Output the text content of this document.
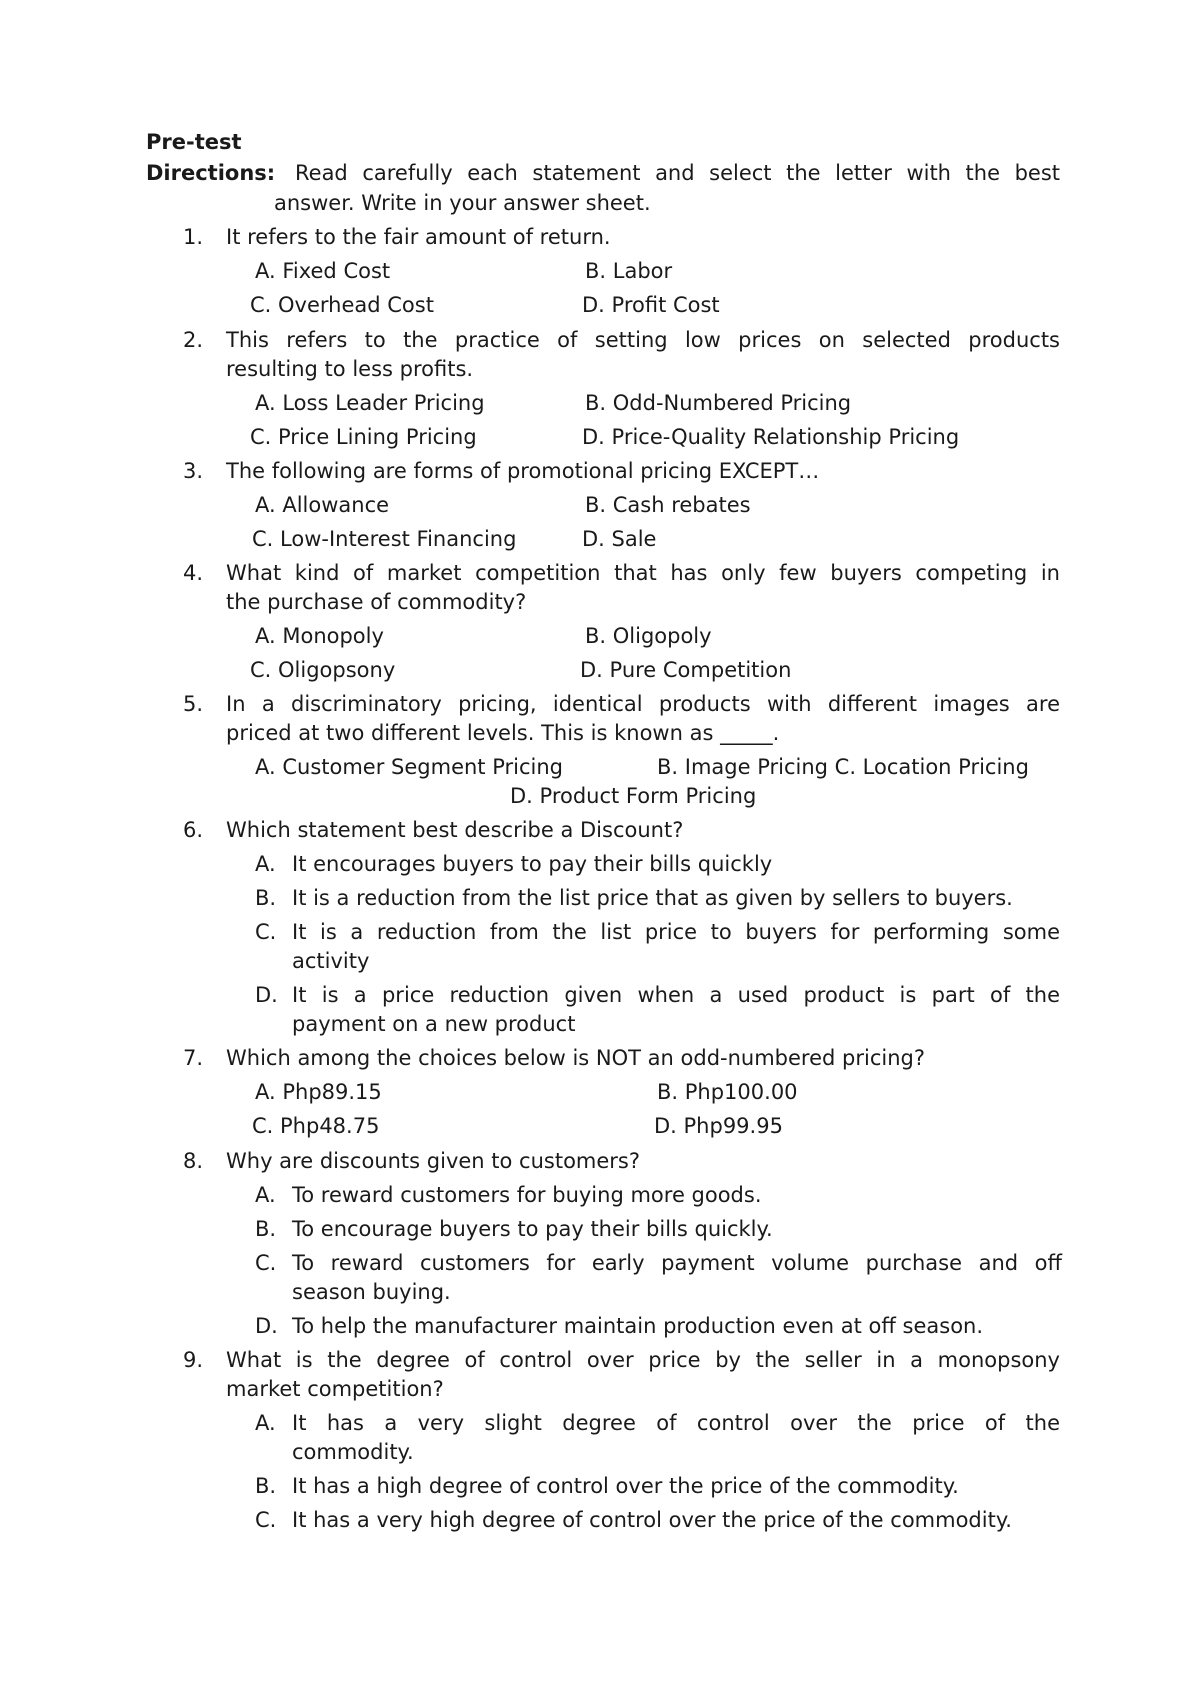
Pre-test
Directions: Read carefully each statement and select the letter with the best
answer. Write in your answer sheet.
1. It refers to the fair amount of return.
A. Fixed Cost	B. Labor
C. Overhead Cost	D. Profit Cost
2. This refers to the practice of setting low prices on selected products
resulting to less profits.
A. Loss Leader Pricing	B. Odd-Numbered Pricing
C. Price Lining Pricing	D. Price-Quality Relationship Pricing
3. The following are forms of promotional pricing EXCEPT…
A. Allowance	B. Cash rebates
C. Low-Interest Financing	D. Sale
4. What kind of market competition that has only few buyers competing in
the purchase of commodity?
A. Monopoly	B. Oligopoly
C. Oligopsony	D. Pure Competition
5. In a discriminatory pricing, identical products with different images are
priced at two different levels. This is known as _____.
A. Customer Segment Pricing	B. Image Pricing C. Location Pricing
D. Product Form Pricing
6. Which statement best describe a Discount?
A. It encourages buyers to pay their bills quickly
B. It is a reduction from the list price that as given by sellers to buyers.
C. It is a reduction from the list price to buyers for performing some
activity
D. It is a price reduction given when a used product is part of the
payment on a new product
7. Which among the choices below is NOT an odd-numbered pricing?
A. Php89.15	B. Php100.00
C. Php48.75	D. Php99.95
8. Why are discounts given to customers?
A. To reward customers for buying more goods.
B. To encourage buyers to pay their bills quickly.
C. To reward customers for early payment volume purchase and off
season buying.
D. To help the manufacturer maintain production even at off season.
9. What is the degree of control over price by the seller in a monopsony
market competition?
A. It has a very slight degree of control over the price of the
commodity.
B. It has a high degree of control over the price of the commodity.
C. It has a very high degree of control over the price of the commodity.
